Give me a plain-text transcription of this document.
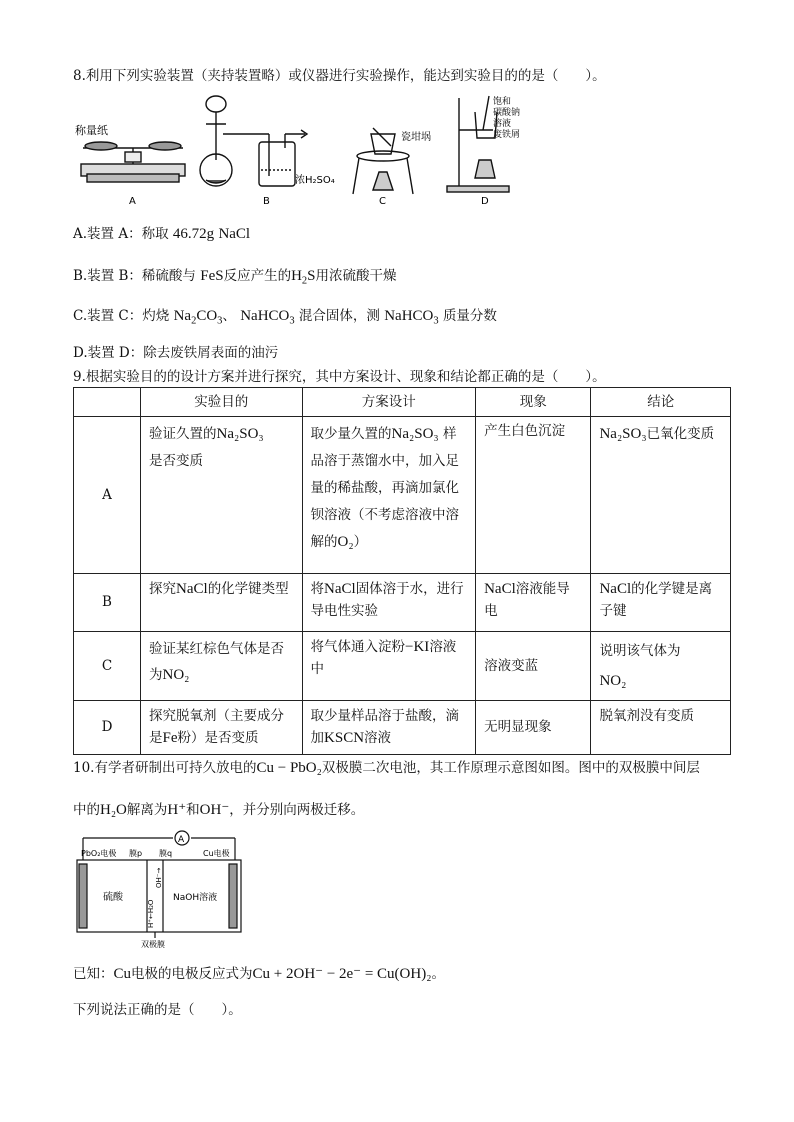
8.利用下列实验装置（夹持装置略）或仪器进行实验操作，能达到实验目的的是（　　）。
称量纸
A
浓H₂SO₄
B
瓷坩埚
C
饱和
碳酸钠
溶液
废铁屑
D
A.装置 A：称取 46.72g NaCl
B.装置 B：稀硫酸与 FeS反应产生的$H_2S$用浓硫酸干燥
C.装置 C：灼烧 $Na_2CO_3$、 NaHCO$_3$ 混合固体，测 NaHCO$_3$ 质量分数
D.装置 D：除去废铁屑表面的油污
9.根据实验目的的设计方案并进行探究，其中方案设计、现象和结论都正确的是（　　）。
	实验目的	方案设计	现象	结论
A	验证久置的Na₂SO₃
是否变质	取少量久置的Na₂SO₃ 样品溶于蒸馏水中，加入足量的稀盐酸，再滴加氯化钡溶液（不考虑溶液中溶解的O₂）	产生白色沉淀	Na₂SO₃已氧化变质
B	探究NaCl的化学键类型	将NaCl固体溶于水，进行导电性实验	NaCl溶液能导电	NaCl的化学键是离子键
C	验证某红棕色气体是否为NO₂	将气体通入淀粉−KI溶液中	溶液变蓝	说明该气体为
NO₂
D	探究脱氧剂（主要成分是Fe粉）是否变质	取少量样品溶于盐酸，滴加KSCN溶液	无明显现象	脱氧剂没有变质
10.有学者研制出可持久放电的Cu − PbO₂双极膜二次电池，其工作原理示意图如图。图中的双极膜中间层
中的H₂O解离为H⁺和OH⁻，并分别向两极迁移。
A
PbO₂电极	Cu电极
膜p 膜q
硫酸	NaOH溶液
双极膜
H⁺←H₂O
OH⁻→
已知：Cu电极的电极反应式为Cu + 2OH⁻ − 2e⁻ = Cu(OH)₂。
下列说法正确的是（　　）。
